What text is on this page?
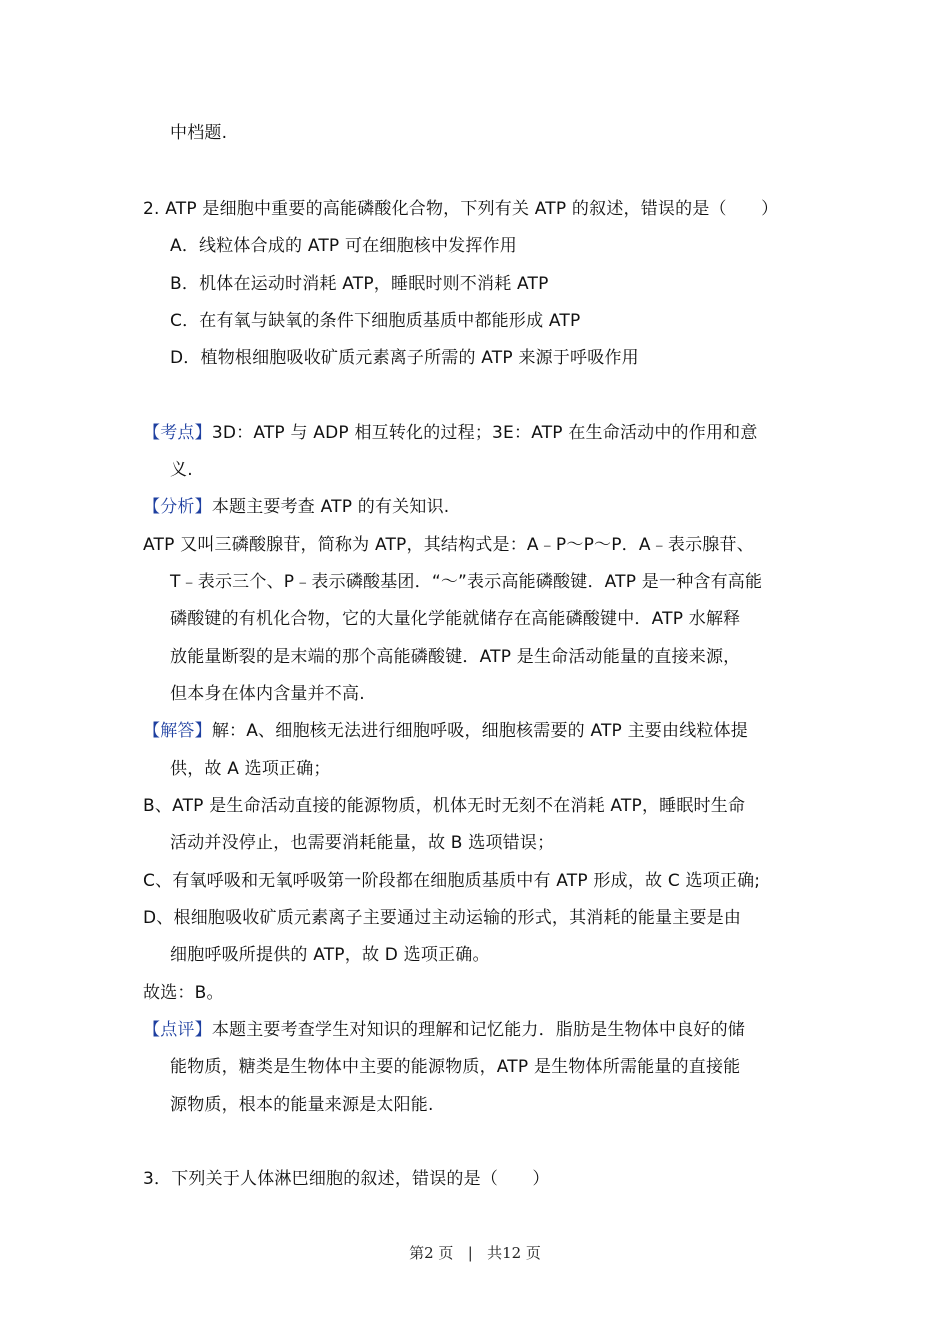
中档题.
2. ATP 是细胞中重要的高能磷酸化合物，下列有关 ATP 的叙述，错误的是（　　）
A．线粒体合成的 ATP 可在细胞核中发挥作用
B．机体在运动时消耗 ATP，睡眠时则不消耗 ATP
C．在有氧与缺氧的条件下细胞质基质中都能形成 ATP
D．植物根细胞吸收矿质元素离子所需的 ATP 来源于呼吸作用
【考点】3D：ATP 与 ADP 相互转化的过程；3E：ATP 在生命活动中的作用和意
义.
【分析】本题主要考查 ATP 的有关知识.
ATP 又叫三磷酸腺苷，简称为 ATP，其结构式是：A﹣P～P～P．A﹣表示腺苷、
T﹣表示三个、P﹣表示磷酸基团．“～”表示高能磷酸键．ATP 是一种含有高能
磷酸键的有机化合物，它的大量化学能就储存在高能磷酸键中．ATP 水解释
放能量断裂的是末端的那个高能磷酸键．ATP 是生命活动能量的直接来源，
但本身在体内含量并不高.
【解答】解：A、细胞核无法进行细胞呼吸，细胞核需要的 ATP 主要由线粒体提
供，故 A 选项正确；
B、ATP 是生命活动直接的能源物质，机体无时无刻不在消耗 ATP，睡眠时生命
活动并没停止，也需要消耗能量，故 B 选项错误；
C、有氧呼吸和无氧呼吸第一阶段都在细胞质基质中有 ATP 形成，故 C 选项正确;
D、根细胞吸收矿质元素离子主要通过主动运输的形式，其消耗的能量主要是由
细胞呼吸所提供的 ATP，故 D 选项正确。
故选：B。
【点评】本题主要考查学生对知识的理解和记忆能力．脂肪是生物体中良好的储
能物质，糖类是生物体中主要的能源物质，ATP 是生物体所需能量的直接能
源物质，根本的能量来源是太阳能.
3．下列关于人体淋巴细胞的叙述，错误的是（　　）
第2 页 | 共12 页
